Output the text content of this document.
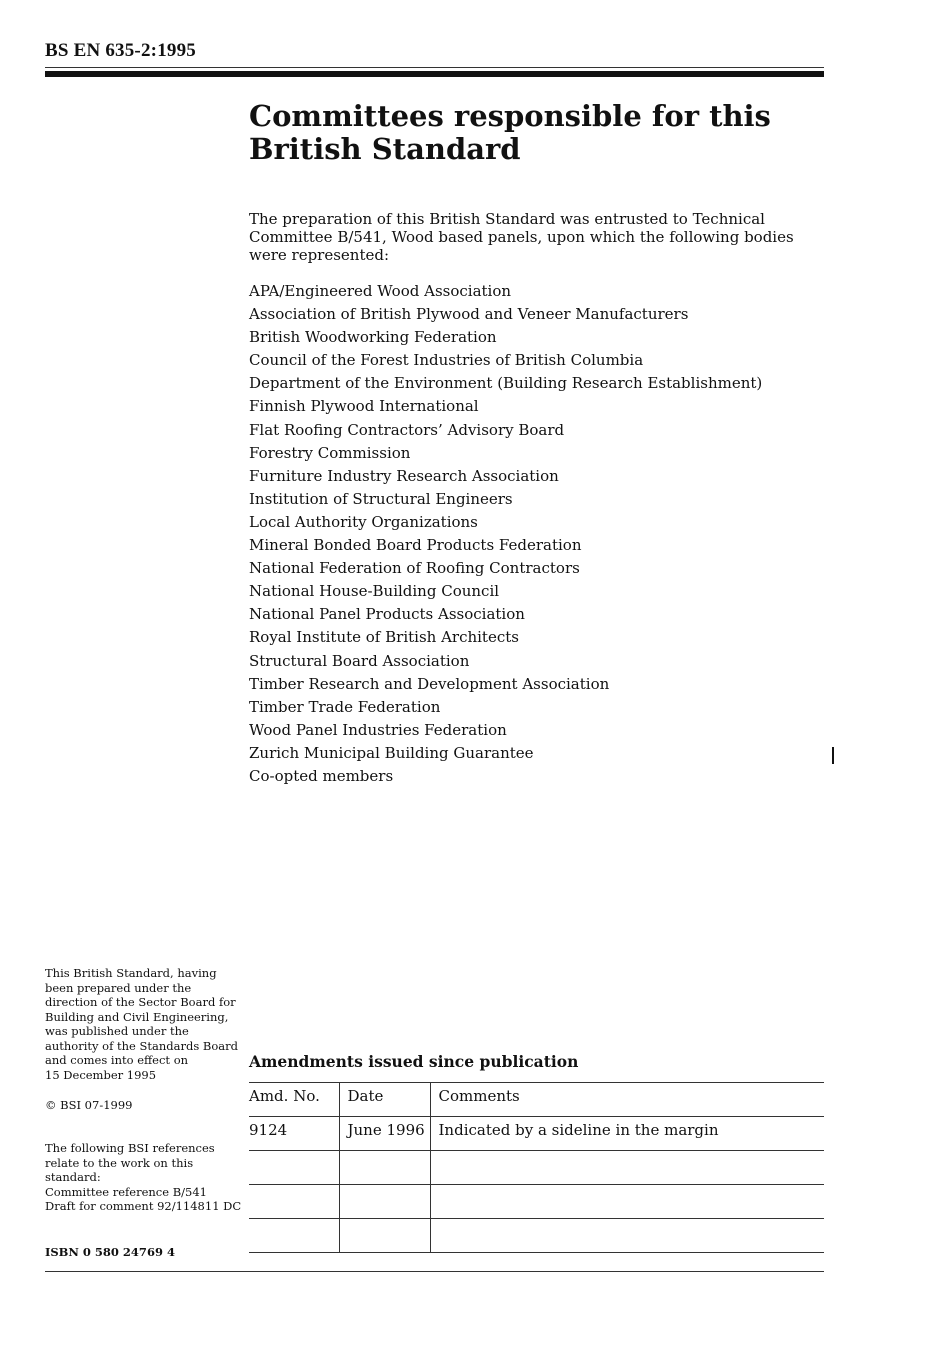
BS EN 635-2:1995
Committees responsible for this
British Standard

The preparation of this British Standard was entrusted to Technical Committee B/541, Wood based panels, upon which the following bodies were represented:

APA/Engineered Wood Association
Association of British Plywood and Veneer Manufacturers
British Woodworking Federation
Council of the Forest Industries of British Columbia
Department of the Environment (Building Research Establishment)
Finnish Plywood International
Flat Roofing Contractors’ Advisory Board
Forestry Commission
Furniture Industry Research Association
Institution of Structural Engineers
Local Authority Organizations
Mineral Bonded Board Products Federation
National Federation of Roofing Contractors
National House-Building Council
National Panel Products Association
Royal Institute of British Architects
Structural Board Association
Timber Research and Development Association
Timber Trade Federation
Wood Panel Industries Federation
Zurich Municipal Building Guarantee
Co-opted members

This British Standard, having
been prepared under the
direction of the Sector Board for
Building and Civil Engineering,
was published under the
authority of the Standards Board
and comes into effect on
15 December 1995

© BSI 07-1999

The following BSI references
relate to the work on this
standard:
Committee reference B/541
Draft for comment 92/114811 DC

ISBN 0 580 24769 4
Amendments issued since publication
Amd. No.	Date	Comments
9124	June 1996	Indicated by a sideline in the margin
